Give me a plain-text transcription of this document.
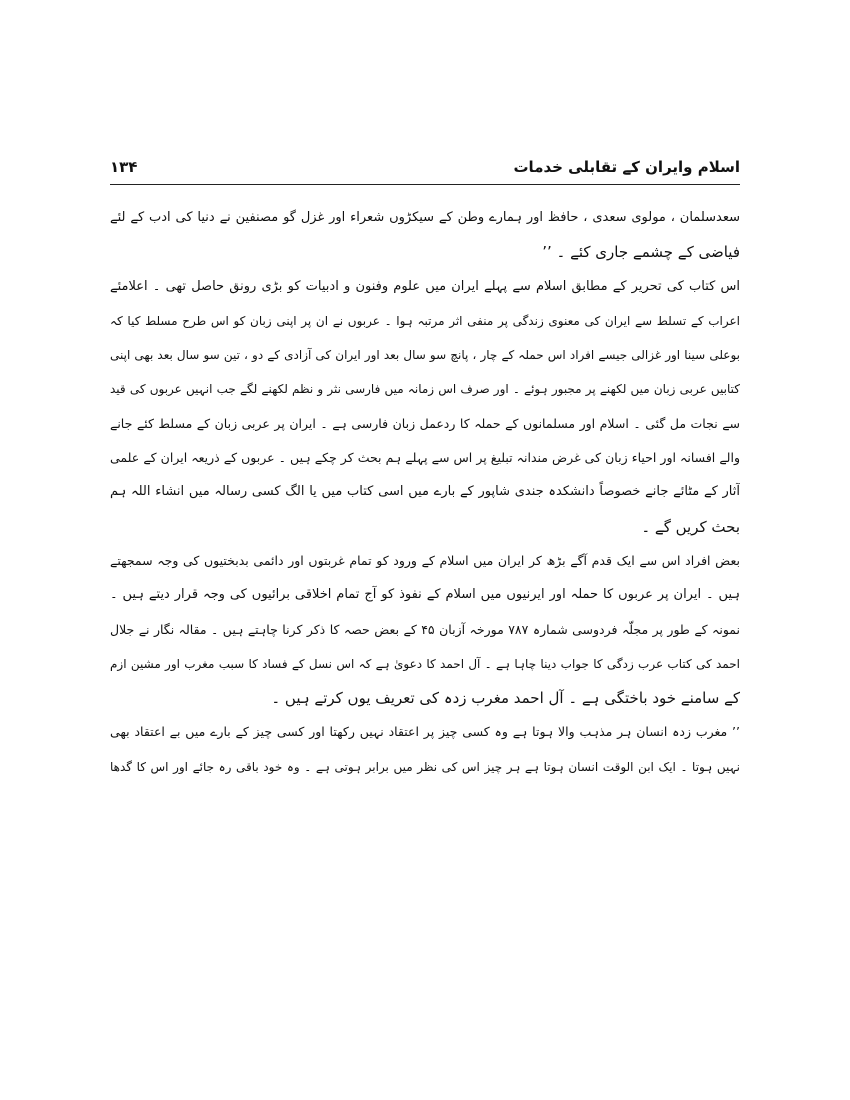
اسلام وایران کے تقابلی خدمات
۱۳۴
سعدسلمان ، مولوی سعدی ، حافظ اور ہمارے وطن کے سیکڑوں شعراء اور غزل گو مصنفین نے دنیا کی ادب کے لئے
فیاضی کے چشمے جاری کئے ۔ ’’
اس کتاب کی تحریر کے مطابق اسلام سے پہلے ایران میں علوم وفنون و ادبیات کو بڑی رونق حاصل تھی ۔ اعلامئے
اعراب کے تسلط سے ایران کی معنوی زندگی پر منفی اثر مرتبہ ہوا ۔ عربوں نے ان پر اپنی زبان کو اس طرح مسلط کیا کہ
بوعلی سینا اور غزالی جیسے افراد اس حملہ کے چار ، پانچ سو سال بعد اور ایران کی آزادی کے دو ، تین سو سال بعد بھی اپنی
کتابیں عربی زبان میں لکھنے پر مجبور ہوئے ۔ اور صرف اس زمانہ میں فارسی نثر و نظم لکھنے لگے جب انہیں عربوں کی قید
سے نجات مل گئی ۔ اسلام اور مسلمانوں کے حملہ کا ردعمل زبان فارسی ہے ۔ ایران پر عربی زبان کے مسلط کئے جانے
والے افسانہ اور احیاء زبان کی غرض مندانہ تبلیغ پر اس سے پہلے ہم بحث کر چکے ہیں ۔ عربوں کے ذریعہ ایران کے علمی
آثار کے مٹائے جانے خصوصاً دانشکدہ جندی شاپور کے بارے میں اسی کتاب میں یا الگ کسی رسالہ میں انشاء اللہ ہم
بحث کریں گے ۔
بعض افراد اس سے ایک قدم آگے بڑھ کر ایران میں اسلام کے ورود کو تمام غربتوں اور دائمی بدبختیوں کی وجہ سمجھتے
ہیں ۔ ایران پر عربوں کا حملہ اور ایرنیوں میں اسلام کے نفوذ کو آج تمام اخلاقی برائیوں کی وجہ قرار دیتے ہیں ۔
نمونہ کے طور پر مجلّہ فردوسی شمارہ ۷۸۷ مورخہ آزبان ۴۵ کے بعض حصہ کا ذکر کرنا چاہتے ہیں ۔ مقالہ نگار نے جلال
احمد کی کتاب عرب زدگی کا جواب دینا چاہا ہے ۔ آل احمد کا دعویٰ ہے کہ اس نسل کے فساد کا سبب مغرب اور مشین ازم
کے سامنے خود باختگی ہے ۔ آل احمد مغرب زدہ کی تعریف یوں کرتے ہیں ۔
’’ مغرب زدہ انسان ہر مذہب والا ہوتا ہے وہ کسی چیز پر اعتقاد نہیں رکھتا اور کسی چیز کے بارے میں بے اعتقاد بھی
نہیں ہوتا ۔ ایک ابن الوقت انسان ہوتا ہے ہر چیز اس کی نظر میں برابر ہوتی ہے ۔ وہ خود باقی رہ جائے اور اس کا گدھا
